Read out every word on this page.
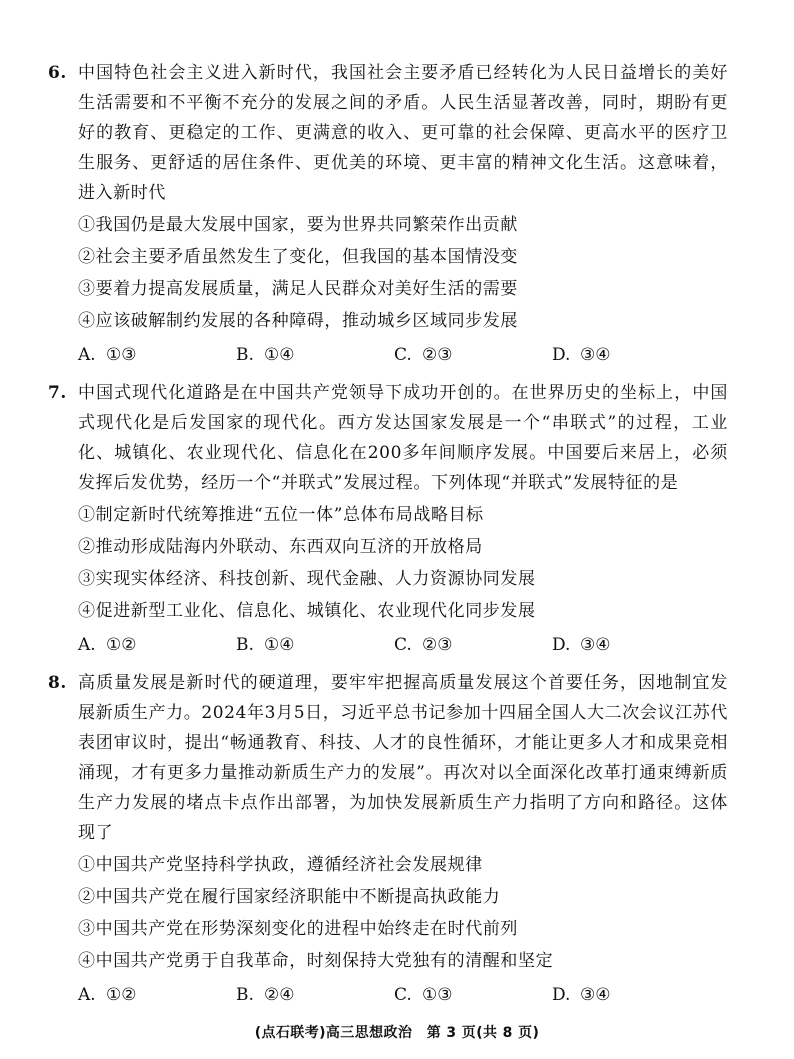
6. 中国特色社会主义进入新时代，我国社会主要矛盾已经转化为人民日益增长的美好生活需要和不平衡不充分的发展之间的矛盾。人民生活显著改善，同时，期盼有更好的教育、更稳定的工作、更满意的收入、更可靠的社会保障、更高水平的医疗卫生服务、更舒适的居住条件、更优美的环境、更丰富的精神文化生活。这意味着，进入新时代
①我国仍是最大发展中国家，要为世界共同繁荣作出贡献
②社会主要矛盾虽然发生了变化，但我国的基本国情没变
③要着力提高发展质量，满足人民群众对美好生活的需要
④应该破解制约发展的各种障碍，推动城乡区域同步发展
A. ①③	B. ①④	C. ②③	D. ③④
7. 中国式现代化道路是在中国共产党领导下成功开创的。在世界历史的坐标上，中国式现代化是后发国家的现代化。西方发达国家发展是一个“串联式”的过程，工业化、城镇化、农业现代化、信息化在200多年间顺序发展。中国要后来居上，必须发挥后发优势，经历一个“并联式”发展过程。下列体现“并联式”发展特征的是
①制定新时代统筹推进“五位一体”总体布局战略目标
②推动形成陆海内外联动、东西双向互济的开放格局
③实现实体经济、科技创新、现代金融、人力资源协同发展
④促进新型工业化、信息化、城镇化、农业现代化同步发展
A. ①②	B. ①④	C. ②③	D. ③④
8. 高质量发展是新时代的硬道理，要牢牢把握高质量发展这个首要任务，因地制宜发展新质生产力。2024年3月5日，习近平总书记参加十四届全国人大二次会议江苏代表团审议时，提出“畅通教育、科技、人才的良性循环，才能让更多人才和成果竞相涌现，才有更多力量推动新质生产力的发展”。再次对以全面深化改革打通束缚新质生产力发展的堵点卡点作出部署，为加快发展新质生产力指明了方向和路径。这体现了
①中国共产党坚持科学执政，遵循经济社会发展规律
②中国共产党在履行国家经济职能中不断提高执政能力
③中国共产党在形势深刻变化的进程中始终走在时代前列
④中国共产党勇于自我革命，时刻保持大党独有的清醒和坚定
A. ①②	B. ②④	C. ①③	D. ③④
(点石联考)高三思想政治　第 3 页(共 8 页)
